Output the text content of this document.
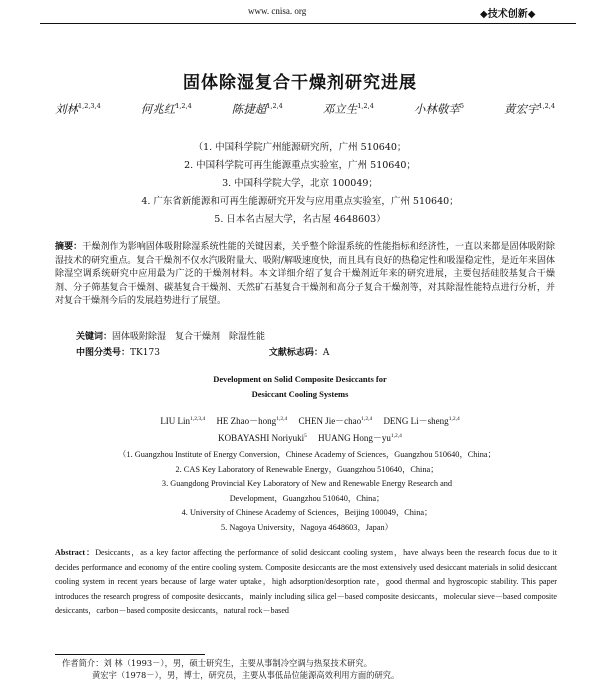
www. cnisa. org	◆技术创新◆
固体除湿复合干燥剂研究进展
刘林$^{1,2,3,4}$	何兆红$^{1,2,4}$	陈捷超$^{1,2,4}$	邓立生$^{1,2,4}$	小林敬幸$^5$	黄宏宇$^{1,2,4}$
（1. 中国科学院广州能源研究所，广州 510640；
2. 中国科学院可再生能源重点实验室，广州 510640；
3. 中国科学院大学，北京 100049；
4. 广东省新能源和可再生能源研究开发与应用重点实验室，广州 510640；
5. 日本名古屋大学，名古屋 4648603）
摘要：干燥剂作为影响固体吸附除湿系统性能的关键因素，关乎整个除湿系统的性能指标和经济性，一直以来都是固体吸附除湿技术的研究重点。复合干燥剂不仅水汽吸附量大、吸附/解吸速度快，而且具有良好的热稳定性和吸湿稳定性，是近年来固体除湿空调系统研究中应用最为广泛的干燥剂材料。本文详细介绍了复合干燥剂近年来的研究进展，主要包括硅胶基复合干燥剂、分子筛基复合干燥剂、碳基复合干燥剂、天然矿石基复合干燥剂和高分子复合干燥剂等，对其除湿性能特点进行分析，并对复合干燥剂今后的发展趋势进行了展望。
关键词：固体吸附除湿　复合干燥剂　除湿性能
中图分类号：TK173	文献标志码：A
Development on Solid Composite Desiccants for
Desiccant Cooling Systems
LIU Lin$^{1,2,3,4}$ HE Zhao－hong$^{1,2,4}$ CHEN Jie－chao$^{1,2,4}$ DENG Li－sheng$^{1,2,4}$
KOBAYASHI Noriyuki$^5$ HUANG Hong－yu$^{1,2,4}$
（1. Guangzhou Institute of Energy Conversion，Chinese Academy of Sciences，Guangzhou 510640，China；
2. CAS Key Laboratory of Renewable Energy，Guangzhou 510640，China；
3. Guangdong Provincial Key Laboratory of New and Renewable Energy Research and
Development，Guangzhou 510640，China；
4. University of Chinese Academy of Sciences，Beijing 100049，China；
5. Nagoya University，Nagoya 4648603，Japan）
Abstract：Desiccants，as a key factor affecting the performance of solid desiccant cooling system，have always been the research focus due to it decides performance and economy of the entire cooling system. Composite desiccants are the most extensively used desiccant materials in solid desiccant cooling system in recent years because of large water uptake，high adsorption/desorption rate，good thermal and hygroscopic stability. This paper introduces the research progress of composite desiccants，mainly including silica gel－based composite desiccants，molecular sieve－based composite desiccants，carbon－based composite desiccants，natural rock－based
作者简介：刘 林（1993－），男，硕士研究生，主要从事制冷空调与热泵技术研究。
黄宏宇（1978－），男，博士，研究员，主要从事低品位能源高效利用方面的研究。
